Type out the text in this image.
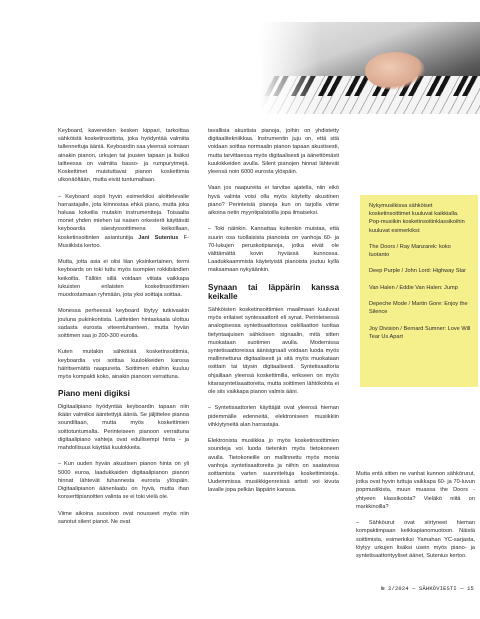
Keyboard, kavereiden kesken kippari, tarkoittaa sähköistä kosketinsoitinta, joka hyödyntää valmiita tallennettuja ääniä. Keyboardin saa yleensä soimaan ainakin pianon, urkujen tai jousien tapaan ja lisäksi laitteessa on valmiita basso- ja rumpurytmejä. Koskettimet muistuttavat pianon koskettimia ulkonäöltään, mutta eivät tuntumaltaan.

– Keyboard sopii hyvin esimerkiksi aloittelevalle harrastajalle, jota kiinnostaa ehkä piano, mutta joka haluaa kokeilla mutakin instrumentteja. Toisaalta monet yhden miehen tai naisen orkesterit käyttävät keyboardia säestyssoittimena keikoillaan, kosketinsoitinten asiantuntija Jani Sutenius F-Musiikista kertoo.

Mutta, jotta asia ei olisi liian yksinkertainen, termi keyboards on toki tuttu myös isompien rokkibändien keikoilta. Tällöin sillä voidaan viitata vaikkapa lukuisten erilaisten kosketinsoittimien muodostamaan ryhmään, jota yksi soittaja soittaa.

Monessa perheessä keyboard löytyy tutkivaakin joulunа pukinkontista. Laitteiden hintaskaala ulottuu sadasta eurosta viteentuhanteen, mutta hyvän soittimen saa jo 200-300 eurolla.

Kuten muitakin sähköisiä kosketinsoittimia, keyboardia voi soittaa kuulokkeiden kanssa häiritsemättä naapureita. Soittimen etuihin kuuluu myös kompakti koko, ainakin pianoon verrattuna.

Piano meni digiksi

Digitaalipiano hyödyntää keyboardin tapaan niin ikään valmiiksi äänitettyjä ääniä. Se jäljittelee pianoa soundiltaan, mutta myös koskettimien soittotuntumalta. Perinteiseen pianoon verrattuna digitaalipiano vahteja ovat edullisempi hinta - ja mahdollisuus käyttää kuulokkeita.

– Kun uuden hyvän akustisen pianon hinta on yli 5000 euroa, laadukkaiden digitaalipianon pianon hinnat lähtevät tuhannesta eurosta ylöspäin. Digitaalipianon äänenlaatu on hyvä, mutta ihan konserttipianoitten valinta se ei toki vielä ole.

Viime aikoina suosioon ovat nousseet myös niin sanotut silent pianot. Ne ovat

tavallisia akustisia pianoja, joihin on yhdistetty digitaalitekniikkaa. Instrumentin juju on, että sitä voidaan soittaa normaalin pianon tapaan akustisesti, mutta tarvittaessa myös digitaalisesti ja äänettömästi kuulokkeiden avulla. Silent pianojen hinnat lähtevät yleensä noin 6000 eurosta ylöspäin.

Vaan jos naapureita ei tarvitse ajatella, niin eikö hyvä valinta voisi olla myös käytetty akustinen piano? Perinteisiä pianoja kun on tarjolla viime aikoina netin myyntipalstoilla jopa ilmaiseksi.

– Toki näinkin. Kannattaa kuitenkin muistaa, että suurin osa tuollaisista pianoista on vanhoja 60- ja 70-lukujen peruskotipianoja, jotka eivät ole välttämättä kovin hyvässä kunnossa. Laadukkaammista käytetyistä pianoista joutuu kyllä maksamaan nykyäänkin.

Synaan tai läppärin kanssa keikalle

Sähköisten kosketinsoittimien maailmaan kuuluvat myös erilaiset syntesaattorit eli synat. Perinteisessä analogisessa syntetisaattorissa oskillaattori tuottaa tietyntaajuisen sähköisen signaalin, mitä sitten muokataan suotimen avulla. Modernissa syntetisaattoreissa äänisignaali voidaan luoda myös mallinnettuna digitaalisesti ja sitä myös muokataan osittain tai täysin digitaalisesti. Syntetisaattoria ohjaillaan yleensä koskettimilla, erikseen on myös kitarasyntetisaattoreita, mutta soittimen lähtökohta ei ole siis vaikkapa pianon valmis ääni.

– Syntetisaattorien käyttäjät ovat yleensä hieman pidemmälle edenneitä, elektroniseen musiikkiin vihkiytyneitä alan harrastajia.

Elektronista musiikkia jo myös kosketinsoittimien soundeja voi luoda tietenkin myös tietokoneen avulla. Tietokoneille on mallinnettu myös monia vanhoja syntetisaattoreita ja niihin on saatavissa soittamista varten suunniteltuja koskettimistoja. Uudemmissa musiikkigenreissä artisti voi kivuta lavalle jopa pelkän läppärin kanssa.

Nykymusiikissa sähköiset kosketinsoittimet kuuluvat kaikkialla. Pop-musiikin kosketinsoitinklassikoihin kuuluvat esimerkiksi:
The Doors / Ray Manzarek: koko tuotanto
Deep Purple / John Lord: Highway Star
Van Halen / Eddie Van Halen: Jump
Depeche Mode / Martin Gore: Enjoy the Silence
Joy Division / Bernard Sumner: Love Will Tear Us Apart

Mutta entä sitten ne vanhat kunnon sähkörurut, jotka ovat hyvin tuttuja vaikkapa 60- ja 70-luvun popmusiikista, muun muassa the Doors -yhtyeen klassikoista? Vieläkö niitä on markkinoilla?

– Sähköurut ovat siirtyneet hieman kompaktimpaan keikkapianomuotoon. Näistä soittimista, esimerkiksi Yamahan YC-sarjasta, löytyy urkujen lisäksi usein myös piano- ja syntetisaattorityyliset äänet, Sutenius kertoo.

№ 2/2024 — SÄHKÖVIESTI — 15
